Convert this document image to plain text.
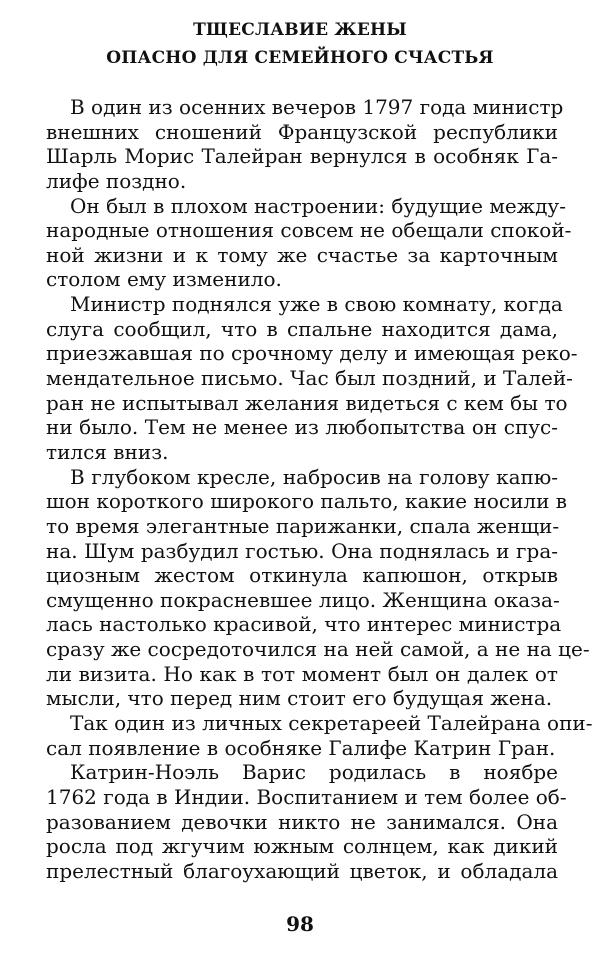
ТЩЕСЛАВИЕ ЖЕНЫ
ОПАСНО ДЛЯ СЕМЕЙНОГО СЧАСТЬЯ
В один из осенних вечеров 1797 года министр
внешних сношений Французской республики
Шарль Морис Талейран вернулся в особняк Га-
лифе поздно.
Он был в плохом настроении: будущие между-
народные отношения совсем не обещали спокой-
ной жизни и к тому же счастье за карточным
столом ему изменило.
Министр поднялся уже в свою комнату, когда
слуга сообщил, что в спальне находится дама,
приезжавшая по срочному делу и имеющая реко-
мендательное письмо. Час был поздний, и Талей-
ран не испытывал желания видеться с кем бы то
ни было. Тем не менее из любопытства он спус-
тился вниз.
В глубоком кресле, набросив на голову капю-
шон короткого широкого пальто, какие носили в
то время элегантные парижанки, спала женщи-
на. Шум разбудил гостью. Она поднялась и гра-
циозным жестом откинула капюшон, открыв
смущенно покрасневшее лицо. Женщина оказа-
лась настолько красивой, что интерес министра
сразу же сосредоточился на ней самой, а не на це-
ли визита. Но как в тот момент был он далек от
мысли, что перед ним стоит его будущая жена.
Так один из личных секретареей Талейрана опи-
сал появление в особняке Галифе Катрин Гран.
Катрин-Ноэль Варис родилась в ноябре
1762 года в Индии. Воспитанием и тем более об-
разованием девочки никто не занимался. Она
росла под жгучим южным солнцем, как дикий
прелестный благоухающий цветок, и обладала
98
